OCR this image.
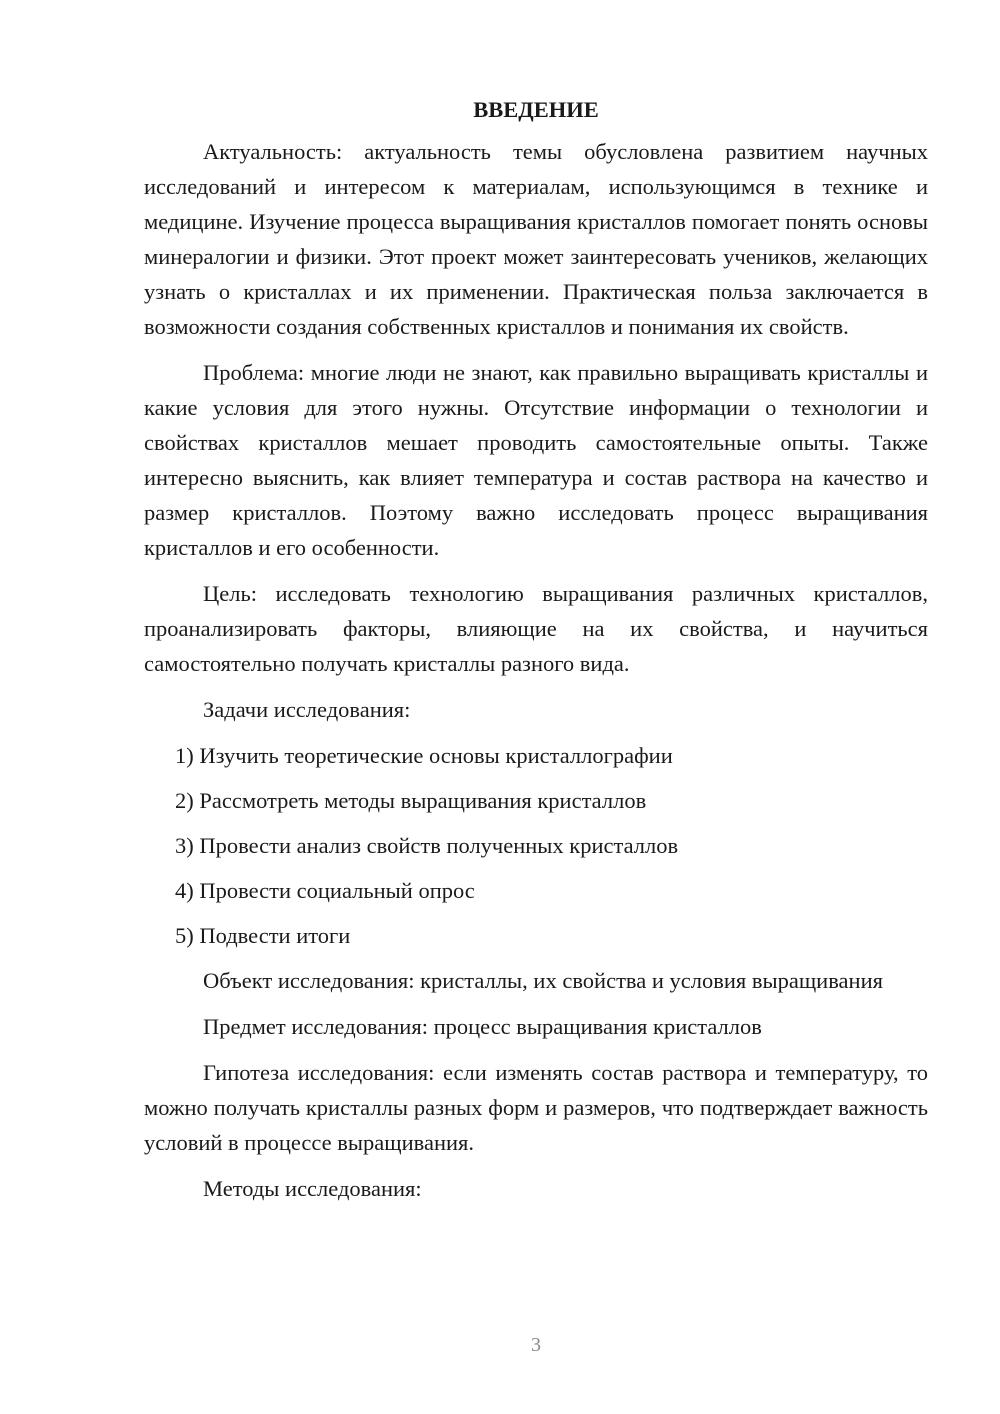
ВВЕДЕНИЕ

Актуальность: актуальность темы обусловлена развитием научных исследований и интересом к материалам, использующимся в технике и медицине. Изучение процесса выращивания кристаллов помогает понять основы минералогии и физики. Этот проект может заинтересовать учеников, желающих узнать о кристаллах и их применении. Практическая польза заключается в возможности создания собственных кристаллов и понимания их свойств.

Проблема: многие люди не знают, как правильно выращивать кристаллы и какие условия для этого нужны. Отсутствие информации о технологии и свойствах кристаллов мешает проводить самостоятельные опыты. Также интересно выяснить, как влияет температура и состав раствора на качество и размер кристаллов. Поэтому важно исследовать процесс выращивания кристаллов и его особенности.

Цель: исследовать технологию выращивания различных кристаллов, проанализировать факторы, влияющие на их свойства, и научиться самостоятельно получать кристаллы разного вида.

Задачи исследования:

1) Изучить теоретические основы кристаллографии
2) Рассмотреть методы выращивания кристаллов
3) Провести анализ свойств полученных кристаллов
4) Провести социальный опрос
5) Подвести итоги

Объект исследования: кристаллы, их свойства и условия выращивания

Предмет исследования: процесс выращивания кристаллов

Гипотеза исследования: если изменять состав раствора и температуру, то можно получать кристаллы разных форм и размеров, что подтверждает важность условий в процессе выращивания.

Методы исследования:

3
